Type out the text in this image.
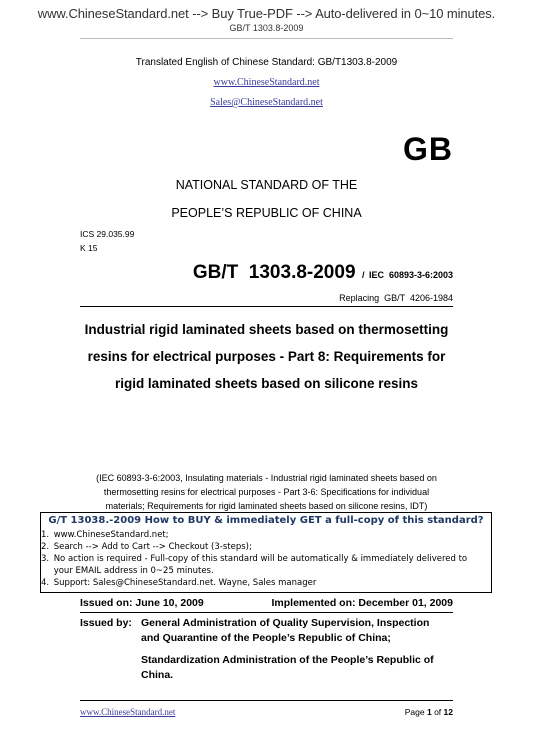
www.ChineseStandard.net --> Buy True-PDF --> Auto-delivered in 0~10 minutes.
GB/T 1303.8-2009
Translated English of Chinese Standard: GB/T1303.8-2009
www.ChineseStandard.net
Sales@ChineseStandard.net
GB
NATIONAL STANDARD OF THE
PEOPLE’S REPUBLIC OF CHINA
ICS 29.035.99
K 15
GB/T  1303.8-2009 / IEC  60893-3-6:2003
Replacing  GB/T  4206-1984
Industrial rigid laminated sheets based on thermosetting
resins for electrical purposes - Part 8: Requirements for
rigid laminated sheets based on silicone resins
(IEC 60893-3-6:2003, Insulating materials - Industrial rigid laminated sheets based on
thermosetting resins for electrical purposes - Part 3-6: Specifications for individual
materials; Requirements for rigid laminated sheets based on silicone resins, IDT)
G/T 13038.-2009 How to BUY & immediately GET a full-copy of this standard?
1. www.ChineseStandard.net;
2. Search --> Add to Cart --> Checkout (3-steps);
3. No action is required - Full-copy of this standard will be automatically & immediately delivered to
your EMAIL address in 0~25 minutes.
4. Support: Sales@ChineseStandard.net. Wayne, Sales manager
Issued on: June 10, 2009	Implemented on: December 01, 2009
Issued by: General Administration of Quality Supervision, Inspection
and Quarantine of the People’s Republic of China;
Standardization Administration of the People’s Republic of
China.
www.ChineseStandard.net	Page 1 of 12
